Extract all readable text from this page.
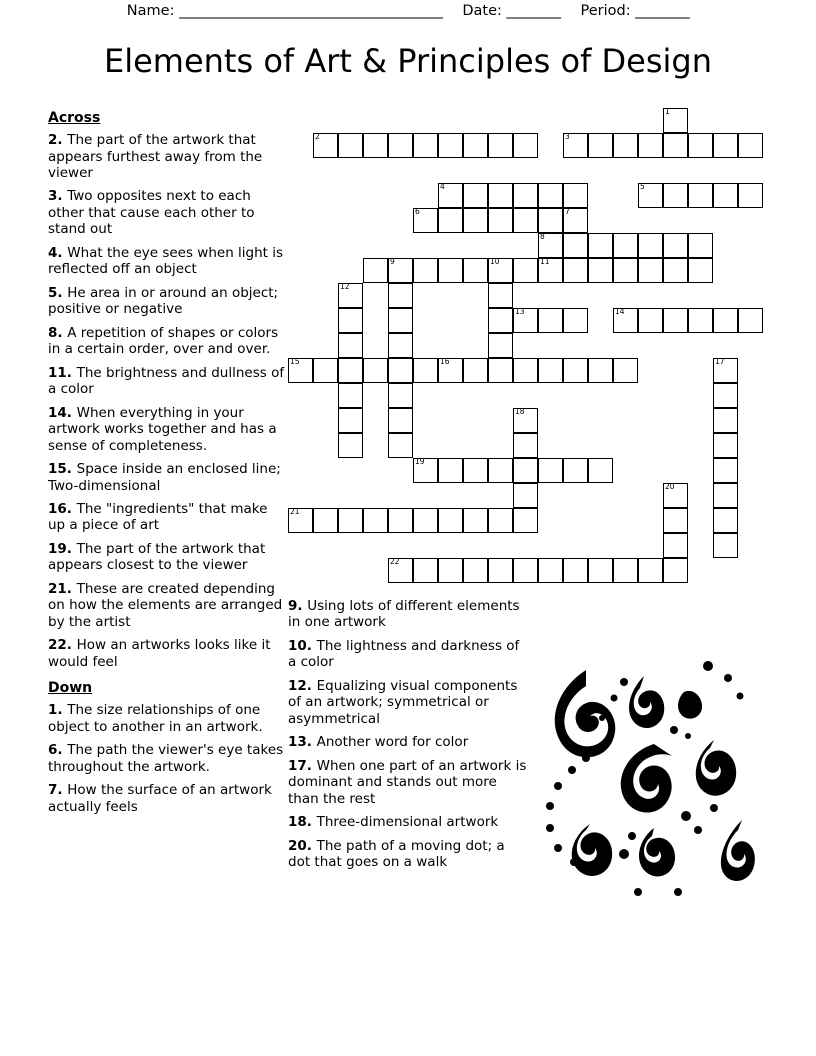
Name: _______________________________________ Date: ________ Period: ________
Elements of Art & Principles of Design
Across
2. The part of the artwork that appears furthest away from the viewer
3. Two opposites next to each other that cause each other to stand out
4. What the eye sees when light is reflected off an object
5. He area in or around an object; positive or negative
8. A repetition of shapes or colors in a certain order, over and over.
11. The brightness and dullness of a color
14. When everything in your artwork works together and has a sense of completeness.
15. Space inside an enclosed line; Two-dimensional
16. The "ingredients" that make up a piece of art
19. The part of the artwork that appears closest to the viewer
21. These are created depending on how the elements are arranged by the artist
22. How an artworks looks like it would feel
Down
1. The size relationships of one object to another in an artwork.
6. The path the viewer's eye takes throughout the artwork.
7. How the surface of an artwork actually feels
9. Using lots of different elements in one artwork
10. The lightness and darkness of a color
12. Equalizing visual components of an artwork; symmetrical or asymmetrical
13. Another word for color
17. When one part of an artwork is dominant and stands out more than the rest
18. Three-dimensional artwork
20. The path of a moving dot; a dot that goes on a walk
1
2	3
4	5
6	7
8
9	10	11
12
13	14
15	16	17
18
19
20
21
22
